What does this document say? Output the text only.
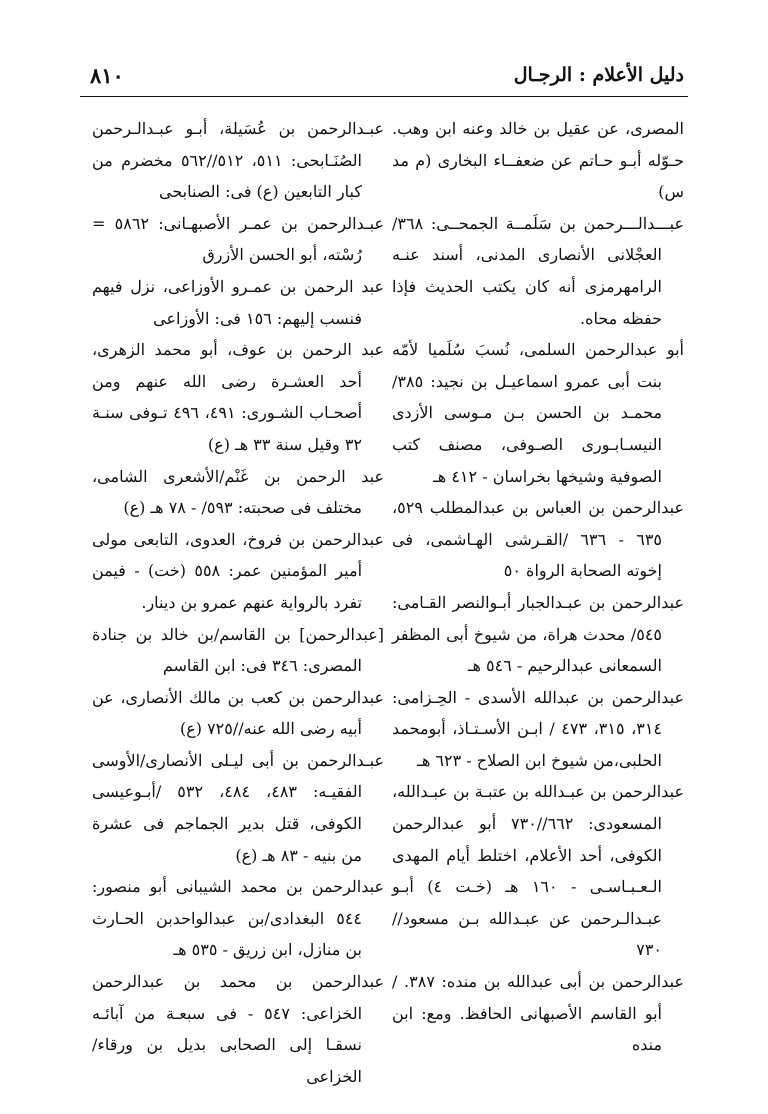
دليل الأعلام : الرجـال
٨١٠

المصرى، عن عقيل بن خالد وعنه ابن وهب. حـوّله أبـو حـاتم عن ضعفــاء البخارى (م مد س)

عبـــدالـــرحمن بن سَلَمــة الجمحــى: ٣٦٨/ العجْلانى الأنصارى المدنى، أسند عنـه الرامهرمزى أنه كان يكتب الحديث فإذا حفظه محاه.

أبو عبدالرحمن السلمى، نُسبَ سُلَميا لأمّه بنت أبى عمرو اسماعيـل بن نجيد: ٣٨٥/ محمـد بن الحسن بـن مـوسى الأزدى النيسـابـورى الصـوفى، مصنف كتب الصوفية وشيخها بخراسان - ٤١٢ هـ

عبدالرحمن بن العباس بن عبدالمطلب ٥٢٩، ٦٣٥ - ٦٣٦ /القـرشى الهـاشمى، فى إخوته الصحابة الرواة ٥٠

عبدالرحمن بن عبـدالجبار أبـوالنصر القـامى: ٥٤٥/ محدث هراة، من شيوخ أبى المظفر السمعانى عبدالرحيم - ٥٤٦ هـ

عبدالرحمن بن عبدالله الأسدى - الحِـزامى: ٣١٤، ٣١٥، ٤٧٣ / ابـن الأسـتـاذ، أبومحمد الحلبى،من شيوخ ابن الصلاح - ٦٢٣ هـ

عبدالرحمن بن عبـدالله بن عتبـة بن عبـدالله، المسعودى: ٦٦٢//٧٣٠ أبو عبدالرحمن الكوفى، أحد الأعلام، اختلط أيام المهدى الـعـبـاسـى - ١٦٠ هـ (خـت ٤) أبـو عبـدالـرحمن عن عبـدالله بـن مسعود//٧٣٠

عبدالرحمن بن أبى عبدالله بن منده: ٣٨٧. /أبو القاسم الأصبهانى الحافظ. ومع: ابن منده

عبـدالرحمن بن عُسَيلة، أبـو عبـدالـرحمن الصُنَـابحى: ٥١١، ٥١٢//٥٦٢ مخضرم من كبار التابعين (ع) فى: الصنابحى

عبـدالرحمن بن عمـر الأصبهـانى: ٥٨٦٢ = رُسْته، أبو الحسن الأزرق

عبد الرحمن بن عمـرو الأوزاعى، نزل فيهم فنسب إليهم: ١٥٦ فى: الأوزاعى

عبد الرحمن بن عوف، أبو محمد الزهرى، أحد العشـرة رضى الله عنهم ومن أصحـاب الشـورى: ٤٩١، ٤٩٦ تـوفى سنـة ٣٢ وقيل سنة ٣٣ هـ (ع)

عبد الرحمن بن غَنْم/الأشعرى الشامى، مختلف فى صحبته: ٥٩٣/ - ٧٨ هـ (ع)

عبدالرحمن بن فروخ، العدوى، التابعى مولى أمير المؤمنين عمر: ٥٥٨ (خت) - فيمن تفرد بالرواية عنهم عمرو بن دينار.

[عبدالرحمن] بن القاسم/بن خالد بن جنادة المصرى: ٣٤٦ فى: ابن القاسم

عبدالرحمن بن كعب بن مالك الأنصارى، عن أبيه رضى الله عنه//٧٢٥ (ع)

عبـدالرحمن بن أبى ليـلى الأنصارى/الأوسى الفقيـه: ٤٨٣، ٤٨٤، ٥٣٢ /أبـوعيسى الكوفى، قتل بدير الجماجم فى عشرة من بنيه - ٨٣ هـ (ع)

عبدالرحمن بن محمد الشيبانى أبو منصور: ٥٤٤ البغدادى/بن عبدالواحدبن الحـارث بن منازل، ابن زريق - ٥٣٥ هـ

عبدالرحمن بن محمد بن عبدالرحمن الخزاعى: ٥٤٧ - فى سبعـة من آبائـه نسقـا إلى الصحابى بديل بن ورقاء/الخزاعى
